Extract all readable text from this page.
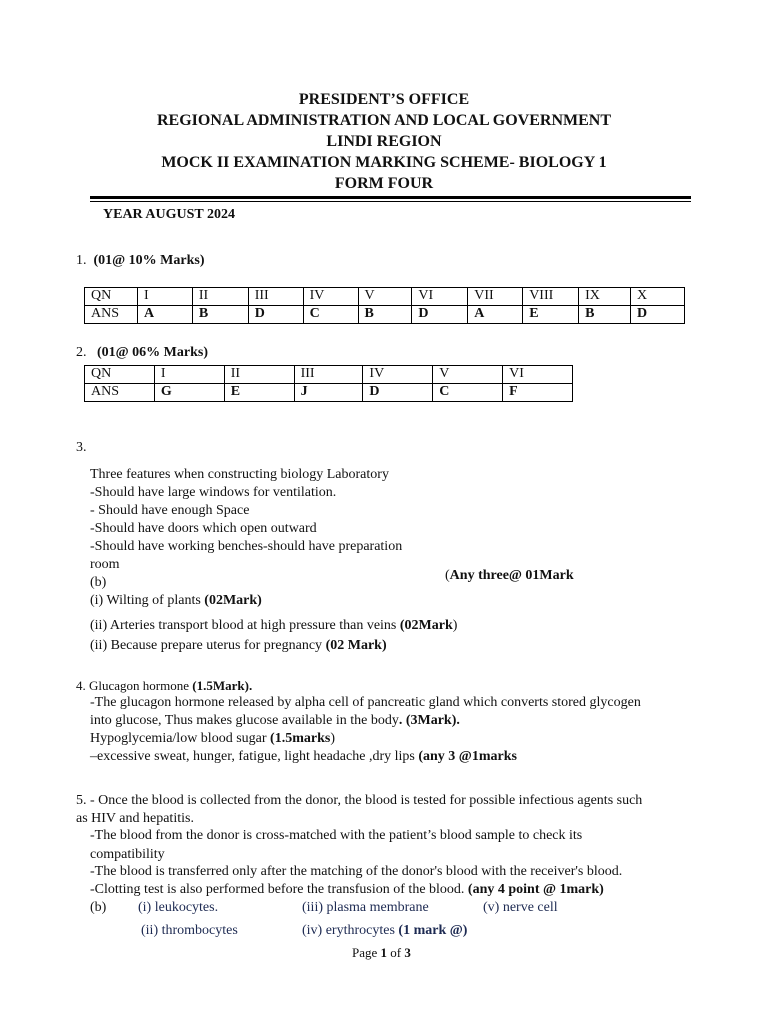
PRESIDENT’S OFFICE
REGIONAL ADMINISTRATION AND LOCAL GOVERNMENT
LINDI REGION
MOCK II EXAMINATION MARKING SCHEME- BIOLOGY 1
FORM FOUR
YEAR AUGUST 2024
1. (01@ 10% Marks)
QN	I	II	III	IV	V	VI	VII	VIII	IX	X
ANS	A	B	D	C	B	D	A	E	B	D
2. (01@ 06% Marks)
QN	I	II	III	IV	V	VI
ANS	G	E	J	D	C	F
3.
Three features when constructing biology Laboratory
-Should have large windows for ventilation.
- Should have enough Space
-Should have doors which open outward
-Should have working benches-should have preparation
room
(Any three@ 01Mark
(b)
(i) Wilting of plants (02Mark)
(ii) Arteries transport blood at high pressure than veins (02Mark)
(ii) Because prepare uterus for pregnancy (02 Mark)
4. Glucagon hormone (1.5Mark).
-The glucagon hormone released by alpha cell of pancreatic gland which converts stored glycogen
into glucose, Thus makes glucose available in the body. (3Mark).
Hypoglycemia/low blood sugar (1.5marks)
–excessive sweat, hunger, fatigue, light headache ,dry lips (any 3 @1marks
5. - Once the blood is collected from the donor, the blood is tested for possible infectious agents such
as HIV and hepatitis.
-The blood from the donor is cross-matched with the patient’s blood sample to check its
compatibility
-The blood is transferred only after the matching of the donor's blood with the receiver's blood.
-Clotting test is also performed before the transfusion of the blood. (any 4 point @ 1mark)
(b) (i) leukocytes.	(iii) plasma membrane	(v) nerve cell
(ii) thrombocytes	(iv) erythrocytes (1 mark @)
Page 1 of 3
